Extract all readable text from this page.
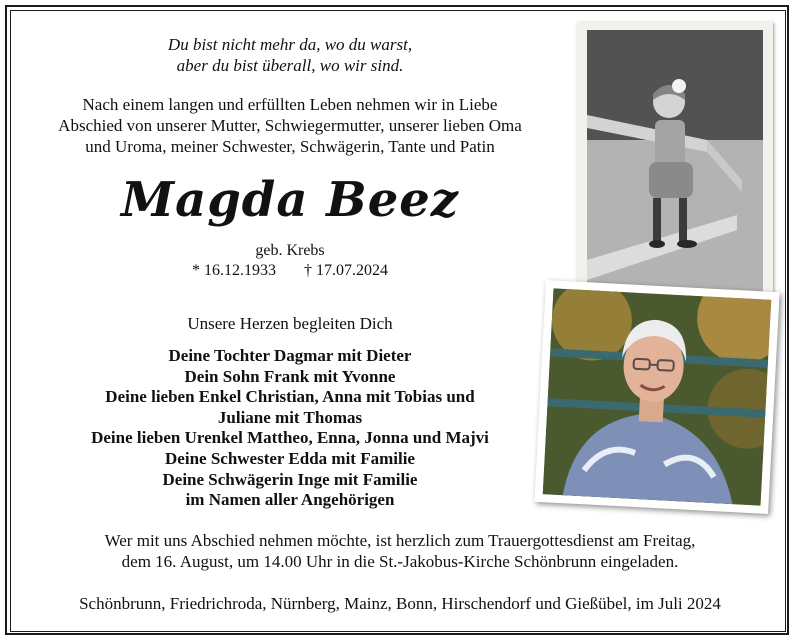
Du bist nicht mehr da, wo du warst,
aber du bist überall, wo wir sind.
Nach einem langen und erfüllten Leben nehmen wir in Liebe
Abschied von unserer Mutter, Schwiegermutter, unserer lieben Oma
und Uroma, meiner Schwester, Schwägerin, Tante und Patin
Magda Beez
geb. Krebs
* 16.12.1933 † 17.07.2024
Unsere Herzen begleiten Dich
Deine Tochter Dagmar mit Dieter
Dein Sohn Frank mit Yvonne
Deine lieben Enkel Christian, Anna mit Tobias und
Juliane mit Thomas
Deine lieben Urenkel Mattheo, Enna, Jonna und Majvi
Deine Schwester Edda mit Familie
Deine Schwägerin Inge mit Familie
im Namen aller Angehörigen
Wer mit uns Abschied nehmen möchte, ist herzlich zum Trauergottesdienst am Freitag,
dem 16. August, um 14.00 Uhr in die St.-Jakobus-Kirche Schönbrunn eingeladen.
Schönbrunn, Friedrichroda, Nürnberg, Mainz, Bonn, Hirschendorf und Gießübel, im Juli 2024
